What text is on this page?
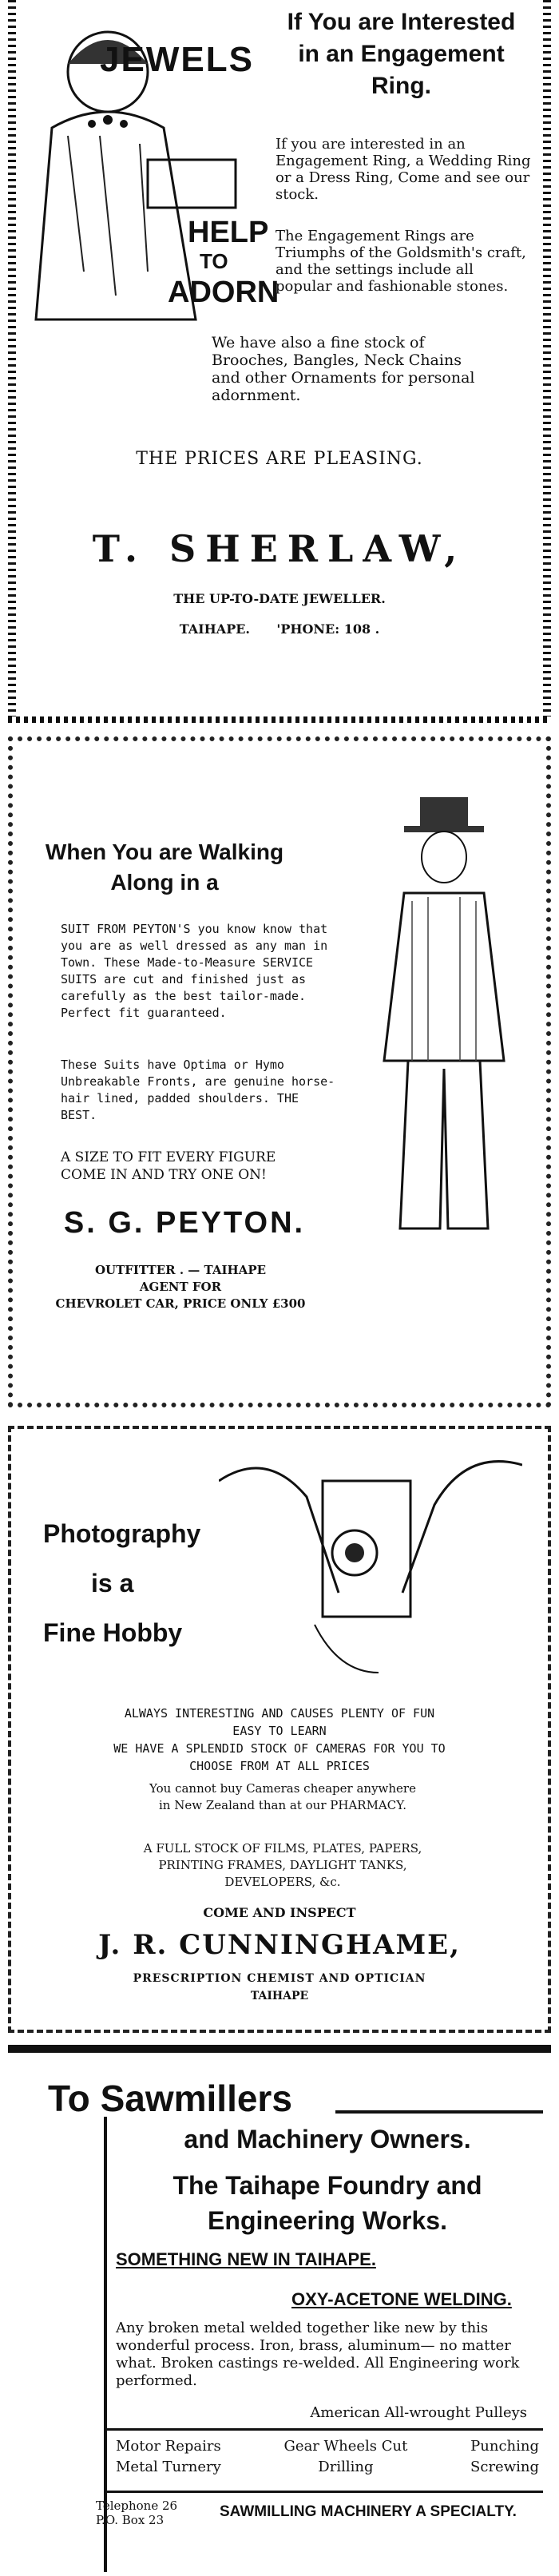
JEWELS
HELP
TO
ADORN
If You are Interested
in an Engagement
Ring.

If you are interested in an Engagement Ring, a Wedding Ring or a Dress Ring, Come and see our stock.

The Engagement Rings are Triumphs of the Goldsmith's craft, and the settings include all popular and fashionable stones.

We have also a fine stock of Brooches, Bangles, Neck Chains and other Ornaments for personal adornment.

THE PRICES ARE PLEASING.
T. SHERLAW,
THE UP-TO-DATE JEWELLER.
TAIHAPE. 'PHONE: 108 .
When You are Walking
Along in a

SUIT FROM PEYTON'S you know know that you are as well dressed as any man in Town. These Made-to-Measure SERVICE SUITS are cut and finished just as carefully as the best tailor-made. Perfect fit guaranteed.

These Suits have Optima or Hymo Unbreakable Fronts, are genuine horse-hair lined, padded shoulders. THE BEST.

A SIZE TO FIT EVERY FIGURE
COME IN AND TRY ONE ON!
S. G. PEYTON.
OUTFITTER . — TAIHAPE
AGENT FOR
CHEVROLET CAR, PRICE ONLY £300
Photography
is a
Fine Hobby
ALWAYS INTERESTING AND CAUSES PLENTY OF FUN
EASY TO LEARN
WE HAVE A SPLENDID STOCK OF CAMERAS FOR YOU TO
CHOOSE FROM AT ALL PRICES

You cannot buy Cameras cheaper anywhere in New Zealand than at our PHARMACY.

A FULL STOCK OF FILMS, PLATES, PAPERS, PRINTING FRAMES, DAYLIGHT TANKS, DEVELOPERS, &c.

COME AND INSPECT
J. R. CUNNINGHAME,
PRESCRIPTION CHEMIST AND OPTICIAN
TAIHAPE
To Sawmillers
and Machinery Owners.
The Taihape Foundry and
Engineering Works.
SOMETHING NEW IN TAIHAPE.
OXY-ACETONE WELDING.

Any broken metal welded together like new by this wonderful process. Iron, brass, aluminum— no matter what. Broken castings re-welded. All Engineering work performed.

American All-wrought Pulleys
Motor Repairs	Gear Wheels Cut	Punching
Metal Turnery	Drilling	Screwing
Telephone 26
P.O. Box 23	SAWMILLING MACHINERY A SPECIALTY.
